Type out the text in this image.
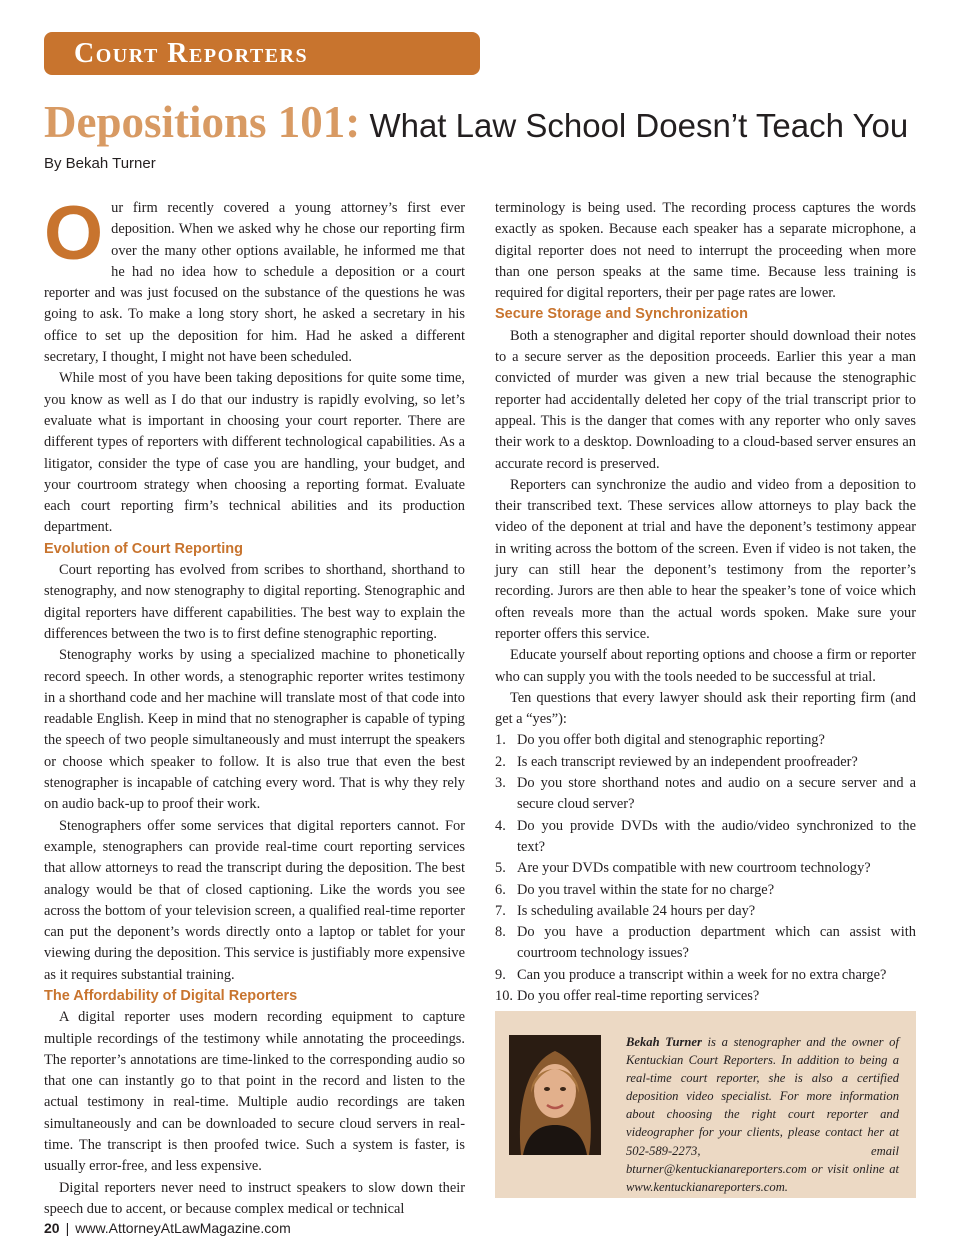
Court Reporters
Depositions 101: What Law School Doesn’t Teach You
By Bekah Turner

Our firm recently covered a young attorney’s first ever deposition. When we asked why he chose our reporting firm over the many other options available, he informed me that he had no idea how to schedule a deposition or a court reporter and was just focused on the substance of the questions he was going to ask. To make a long story short, he asked a secretary in his office to set up the deposition for him. Had he asked a different secretary, I thought, I might not have been scheduled.

While most of you have been taking depositions for quite some time, you know as well as I do that our industry is rapidly evolving, so let’s evaluate what is important in choosing your court reporter. There are different types of reporters with different technological capabilities. As a litigator, consider the type of case you are handling, your budget, and your courtroom strategy when choosing a reporting format. Evaluate each court reporting firm’s technical abilities and its production department.

Evolution of Court Reporting

Court reporting has evolved from scribes to shorthand, shorthand to stenography, and now stenography to digital reporting. Stenographic and digital reporters have different capabilities. The best way to explain the differences between the two is to first define stenographic reporting.

Stenography works by using a specialized machine to phonetically record speech. In other words, a stenographic reporter writes testimony in a shorthand code and her machine will translate most of that code into readable English. Keep in mind that no stenographer is capable of typing the speech of two people simultaneously and must interrupt the speakers or choose which speaker to follow. It is also true that even the best stenographer is incapable of catching every word. That is why they rely on audio back-up to proof their work.

Stenographers offer some services that digital reporters cannot. For example, stenographers can provide real-time court reporting services that allow attorneys to read the transcript during the deposition. The best analogy would be that of closed captioning. Like the words you see across the bottom of your television screen, a qualified real-time reporter can put the deponent’s words directly onto a laptop or tablet for your viewing during the deposition. This service is justifiably more expensive as it requires substantial training.

The Affordability of Digital Reporters

A digital reporter uses modern recording equipment to capture multiple recordings of the testimony while annotating the proceedings. The reporter’s annotations are time-linked to the corresponding audio so that one can instantly go to that point in the record and listen to the actual testimony in real-time. Multiple audio recordings are taken simultaneously and can be downloaded to secure cloud servers in real-time. The transcript is then proofed twice. Such a system is faster, is usually error-free, and less expensive.

Digital reporters never need to instruct speakers to slow down their speech due to accent, or because complex medical or technical

terminology is being used. The recording process captures the words exactly as spoken. Because each speaker has a separate microphone, a digital reporter does not need to interrupt the proceeding when more than one person speaks at the same time. Because less training is required for digital reporters, their per page rates are lower.

Secure Storage and Synchronization

Both a stenographer and digital reporter should download their notes to a secure server as the deposition proceeds. Earlier this year a man convicted of murder was given a new trial because the stenographic reporter had accidentally deleted her copy of the trial transcript prior to appeal. This is the danger that comes with any reporter who only saves their work to a desktop. Downloading to a cloud-based server ensures an accurate record is preserved.

Reporters can synchronize the audio and video from a deposition to their transcribed text. These services allow attorneys to play back the video of the deponent at trial and have the deponent’s testimony appear in writing across the bottom of the screen. Even if video is not taken, the jury can still hear the deponent’s testimony from the reporter’s recording. Jurors are then able to hear the speaker’s tone of voice which often reveals more than the actual words spoken. Make sure your reporter offers this service.

Educate yourself about reporting options and choose a firm or reporter who can supply you with the tools needed to be successful at trial.

Ten questions that every lawyer should ask their reporting firm (and get a “yes”):

1. Do you offer both digital and stenographic reporting?
2. Is each transcript reviewed by an independent proofreader?
3. Do you store shorthand notes and audio on a secure server and a secure cloud server?
4. Do you provide DVDs with the audio/video synchronized to the text?
5. Are your DVDs compatible with new courtroom technology?
6. Do you travel within the state for no charge?
7. Is scheduling available 24 hours per day?
8. Do you have a production department which can assist with courtroom technology issues?
9. Can you produce a transcript within a week for no extra charge?
10. Do you offer real-time reporting services?
Bekah Turner is a stenographer and the owner of Kentuckian Court Reporters. In addition to being a real-time court reporter, she is also a certified deposition video specialist. For more information about choosing the right court reporter and videographer for your clients, please contact her at 502-589-2273, email bturner@kentuckianareporters.com or visit online at www.kentuckianareporters.com.
20 | www.AttorneyAtLawMagazine.com
